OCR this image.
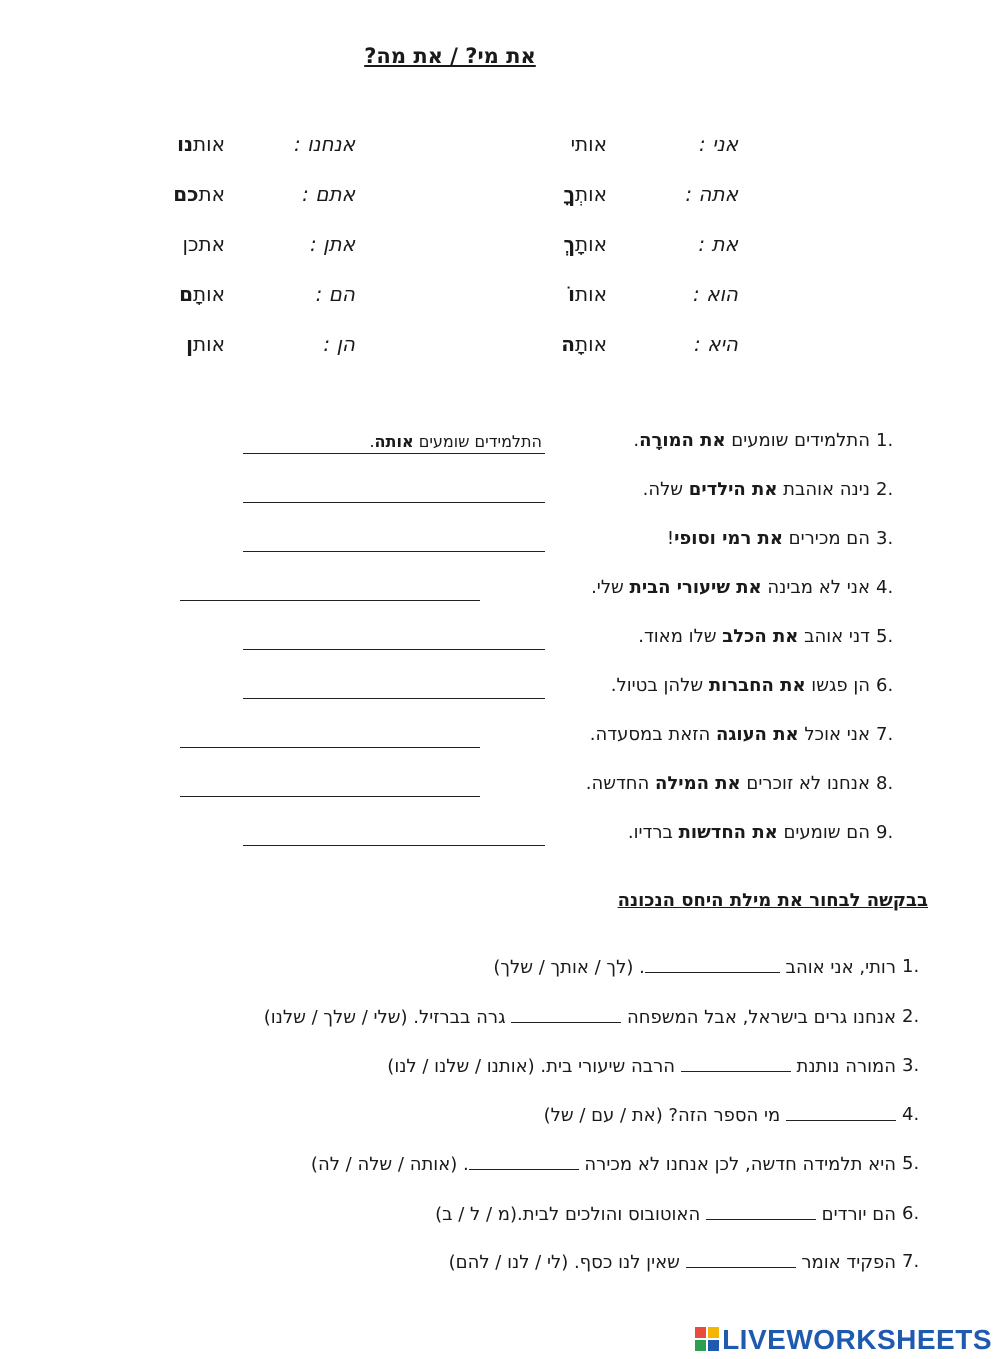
את מי? / את מה?
אני :
אותי
אתה :
אותְךָ
את :
אותָךְ
הוא :
אותוֹ
היא :
אותָה
אנחנו :
אותנו
אתם :
אתכם
אתן :
אתכן
הם :
אותָם
הן :
אותן
1.
התלמידים שומעים את המורָה.
התלמידים שומעים אותה.
2.
נינה אוהבת את הילדים שלה.
3.
הם מכירים את רמי וסופי!
4.
אני לא מבינה את שיעורי הבית שלי.
5.
דני אוהב את הכלב שלו מאוד.
6.
הן פגשו את החברות שלהן בטיול.
7.
אני אוכל את העוגה הזאת במסעדה.
8.
אנחנו לא זוכרים את המילה החדשה.
9.
הם שומעים את החדשות ברדיו.
בבקשה לבחור את מילת היחס הנכונה
1.
רותי, אני אוהב . (לך / אותך / שלך)
2.
אנחנו גרים בישראל, אבל המשפחה  גרה בברזיל. (שלי / שלך / שלנו)
3.
המורה נותנת  הרבה שיעורי בית. (אותנו / שלנו / לנו)
4.
מי הספר הזה? (את / עם / של)
5.
היא תלמידה חדשה, לכן אנחנו לא מכירה . (אותה / שלה / לה)
6.
הם יורדים  האוטובוס והולכים לבית.(מ / ל / ב)
7.
הפקיד אומר  שאין לנו כסף. (לי / לנו / להם)
LIVEWORKSHEETS
